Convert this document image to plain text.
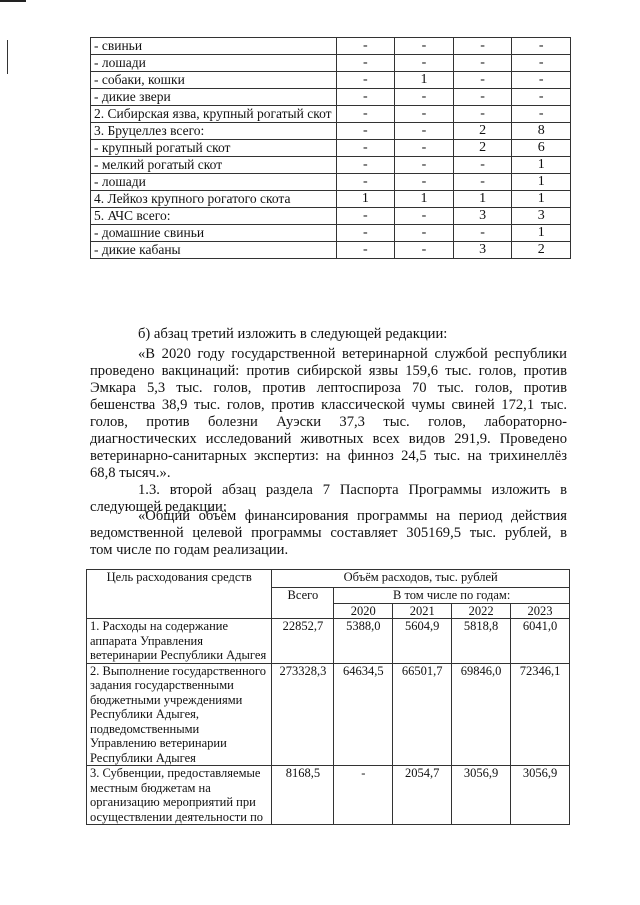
- свиньи	-	-	-	-
- лошади	-	-	-	-
- собаки, кошки	-	1	-	-
- дикие звери	-	-	-	-
2. Сибирская язва, крупный рогатый скот	-	-	-	-
3. Бруцеллез всего:	-	-	2	8
- крупный рогатый скот	-	-	2	6
- мелкий рогатый скот	-	-	-	1
- лошади	-	-	-	1
4. Лейкоз крупного рогатого скота	1	1	1	1
5. АЧС всего:	-	-	3	3
- домашние свиньи	-	-	-	1
- дикие кабаны	-	-	3	2

б) абзац третий изложить в следующей редакции:

«В 2020 году государственной ветеринарной службой республики
проведено вакцинаций: против сибирской язвы 159,6 тыс. голов, против
Эмкара 5,3 тыс. голов, против лептоспироза 70 тыс. голов, против
бешенства 38,9 тыс. голов, против классической чумы свиней 172,1 тыс.
голов, против болезни Ауэски 37,3 тыс. голов, лабораторно-
диагностических исследований животных всех видов 291,9. Проведено
ветеринарно-санитарных экспертиз: на финноз 24,5 тыс. на трихинеллёз
68,8 тысяч.».
1.3. второй абзац раздела 7 Паспорта Программы изложить в
следующей редакции:
«Общий объём финансирования программы на период действия
ведомственной целевой программы составляет 305169,5 тыс. рублей, в
том числе по годам реализации.
Цель расходования средств	Объём расходов, тыс. рублей				
	Всего	В том числе по годам:			
		2020	2021	2022	2023
1. Расходы на содержание аппарата Управления ветеринарии Республики Адыгея	22852,7	5388,0	5604,9	5818,8	6041,0
2. Выполнение государственного задания государственными бюджетными учреждениями Республики Адыгея, подведомственными Управлению ветеринарии Республики Адыгея	273328,3	64634,5	66501,7	69846,0	72346,1
3. Субвенции, предоставляемые местным бюджетам на организацию мероприятий при осуществлении деятельности по	8168,5	-	2054,7	3056,9	3056,9
